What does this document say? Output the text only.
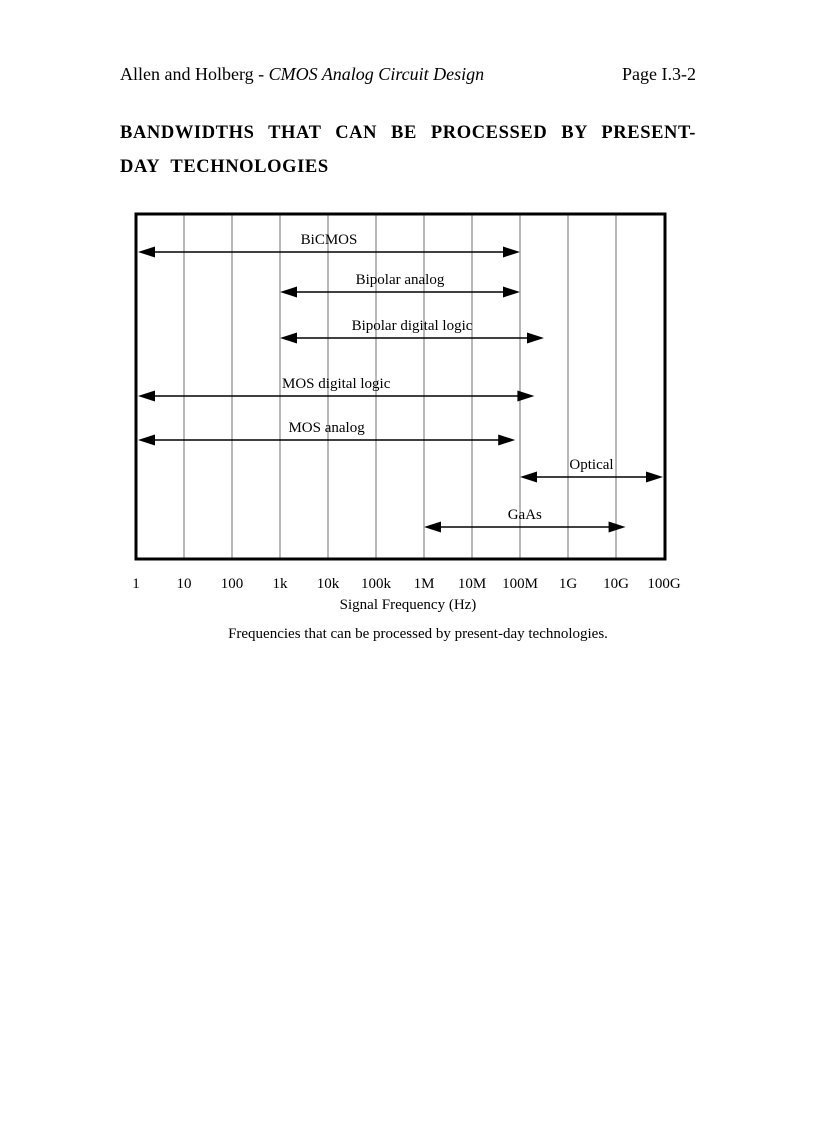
Allen and Holberg - CMOS Analog Circuit Design	Page I.3-2
BANDWIDTHS THAT CAN BE PROCESSED BY PRESENT-DAY TECHNOLOGIES
BiCMOS
Bipolar analog
Bipolar digital logic
MOS digital logic
MOS analog
Optical
GaAs
1 10 100 1k 10k 100k 1M 10M 100M 1G 10G 100G
Signal Frequency (Hz)
Frequencies that can be processed by present-day technologies.
